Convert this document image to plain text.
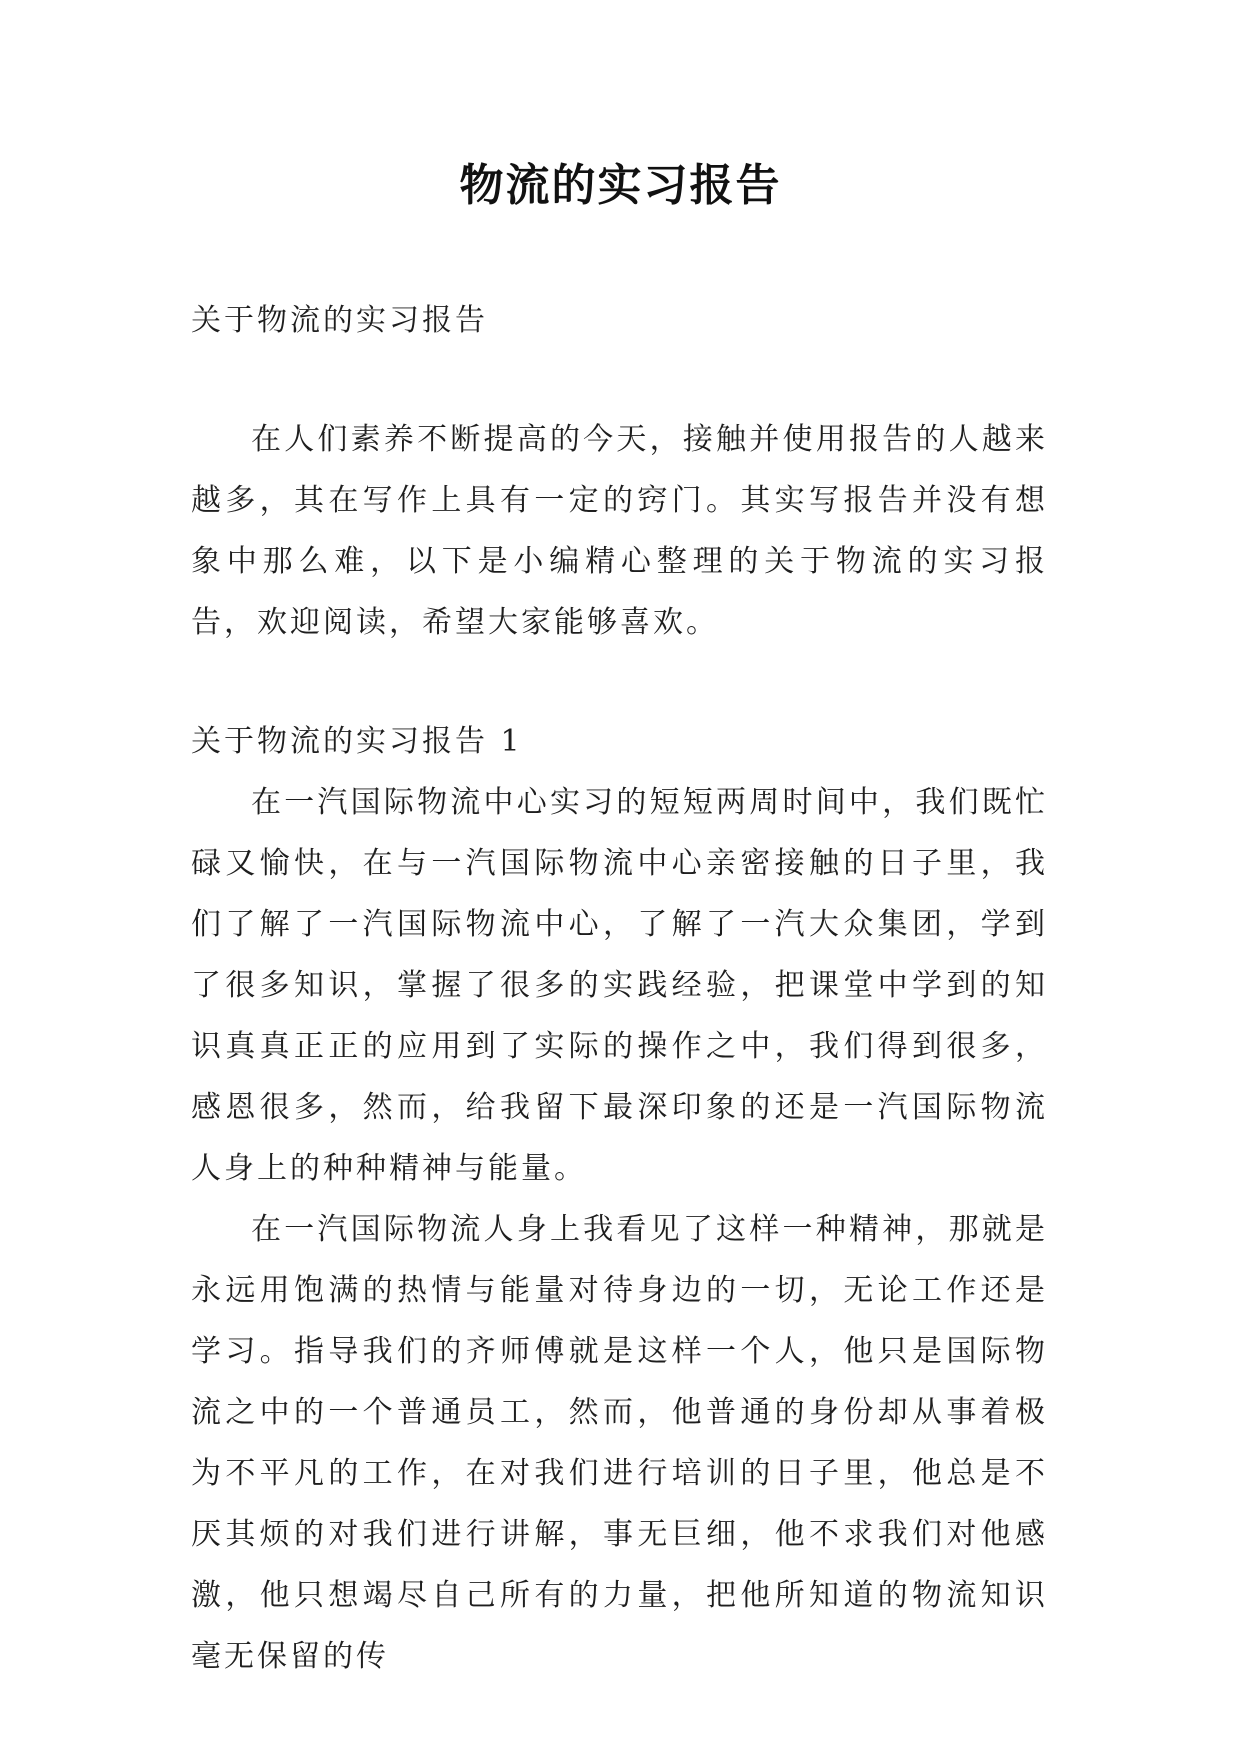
物流的实习报告

关于物流的实习报告

在人们素养不断提高的今天，接触并使用报告的人越来越多，其在写作上具有一定的窍门。其实写报告并没有想象中那么难，以下是小编精心整理的关于物流的实习报告，欢迎阅读，希望大家能够喜欢。

关于物流的实习报告 1

在一汽国际物流中心实习的短短两周时间中，我们既忙碌又愉快，在与一汽国际物流中心亲密接触的日子里，我们了解了一汽国际物流中心，了解了一汽大众集团，学到了很多知识，掌握了很多的实践经验，把课堂中学到的知识真真正正的应用到了实际的操作之中，我们得到很多，感恩很多，然而，给我留下最深印象的还是一汽国际物流人身上的种种精神与能量。

在一汽国际物流人身上我看见了这样一种精神，那就是永远用饱满的热情与能量对待身边的一切，无论工作还是学习。指导我们的齐师傅就是这样一个人，他只是国际物流之中的一个普通员工，然而，他普通的身份却从事着极为不平凡的工作，在对我们进行培训的日子里，他总是不厌其烦的对我们进行讲解，事无巨细，他不求我们对他感激，他只想竭尽自己所有的力量，把他所知道的物流知识毫无保留的传
